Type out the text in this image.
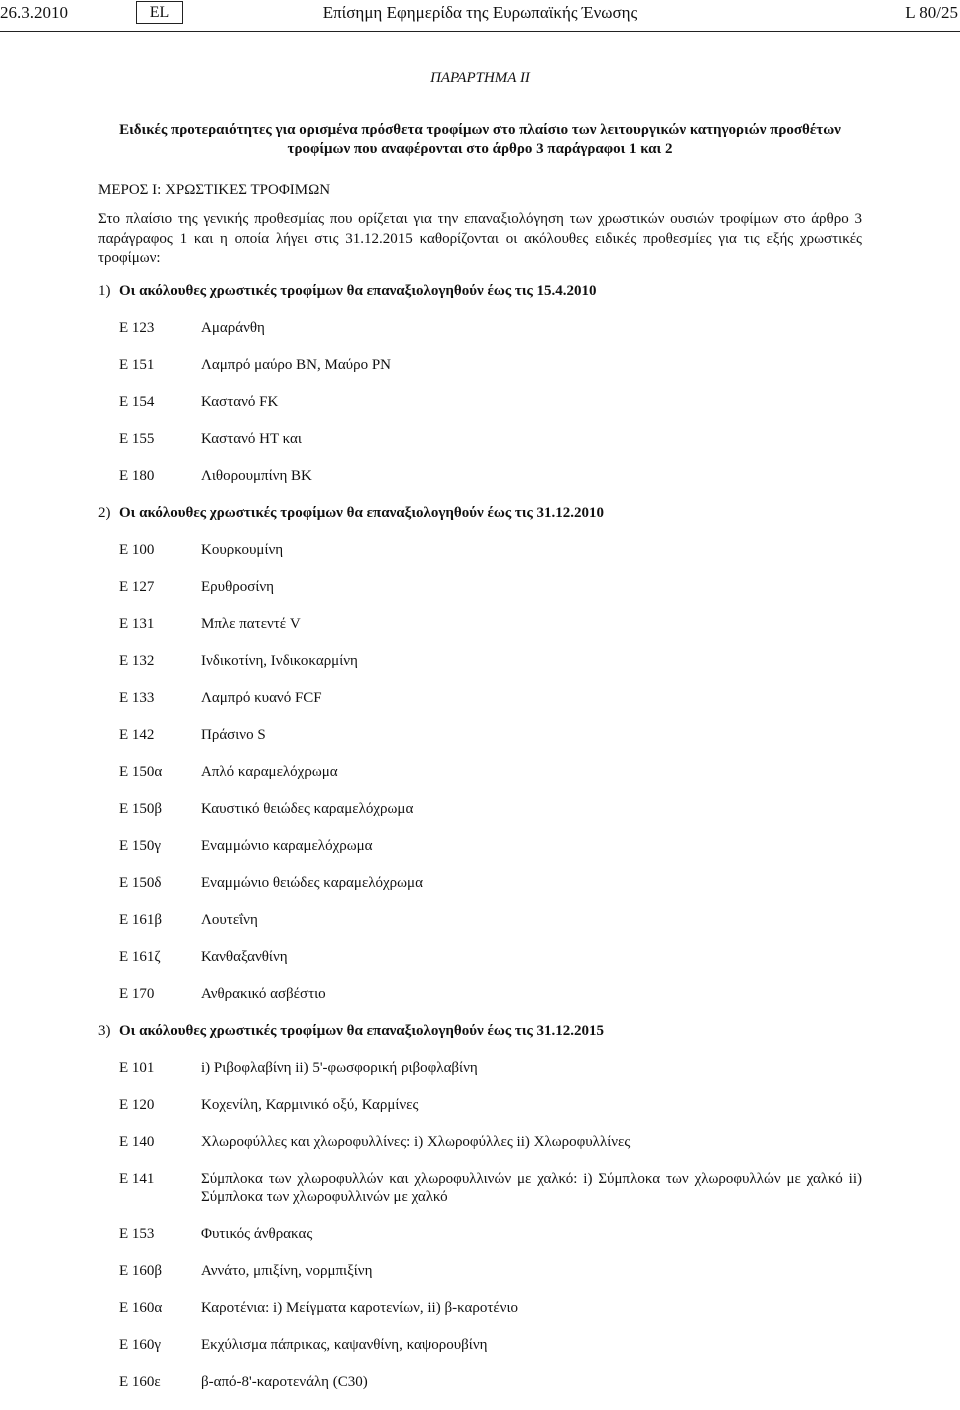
26.3.2010	Επίσημη Εφημερίδα της Ευρωπαϊκής Ένωσης
EL	L 80/25
ΠΑΡΑΡΤΗΜΑ II
Ειδικές προτεραιότητες για ορισμένα πρόσθετα τροφίμων στο πλαίσιο των λειτουργικών κατηγοριών προσθέτων τροφίμων που αναφέρονται στο άρθρο 3 παράγραφοι 1 και 2
ΜΕΡΟΣ I: ΧΡΩΣΤΙΚΕΣ ΤΡΟΦΙΜΩΝ
Στο πλαίσιο της γενικής προθεσμίας που ορίζεται για την επαναξιολόγηση των χρωστικών ουσιών τροφίμων στο άρθρο 3 παράγραφος 1 και η οποία λήγει στις 31.12.2015 καθορίζονται οι ακόλουθες ειδικές προθεσμίες για τις εξής χρωστικές τροφίμων:
1) Οι ακόλουθες χρωστικές τροφίμων θα επαναξιολογηθούν έως τις 15.4.2010
E 123	Αμαράνθη
E 151	Λαμπρό μαύρο BN, Μαύρο PN
E 154	Καστανό FK
E 155	Καστανό HT και
E 180	Λιθορουμπίνη BK
2) Οι ακόλουθες χρωστικές τροφίμων θα επαναξιολογηθούν έως τις 31.12.2010
E 100	Κουρκουμίνη
E 127	Ερυθροσίνη
E 131	Μπλε πατεντέ V
E 132	Ινδικοτίνη, Ινδικοκαρμίνη
E 133	Λαμπρό κυανό FCF
E 142	Πράσινο S
E 150α	Απλό καραμελόχρωμα
E 150β	Καυστικό θειώδες καραμελόχρωμα
E 150γ	Εναμμώνιο καραμελόχρωμα
E 150δ	Εναμμώνιο θειώδες καραμελόχρωμα
E 161β	Λουτεΐνη
E 161ζ	Κανθαξανθίνη
E 170	Ανθρακικό ασβέστιο
3) Οι ακόλουθες χρωστικές τροφίμων θα επαναξιολογηθούν έως τις 31.12.2015
E 101	i) Ριβοφλαβίνη ii) 5'-φωσφορική ριβοφλαβίνη
E 120	Κοχενίλη, Καρμινικό οξύ, Καρμίνες
E 140	Χλωροφύλλες και χλωροφυλλίνες: i) Χλωροφύλλες ii) Χλωροφυλλίνες
E 141	Σύμπλοκα των χλωροφυλλών και χλωροφυλλινών με χαλκό: i) Σύμπλοκα των χλωροφυλλών με χαλκό ii) Σύμπλοκα των χλωροφυλλινών με χαλκό
E 153	Φυτικός άνθρακας
E 160β	Αννάτο, μπιξίνη, νορμπιξίνη
E 160α	Καροτένια: i) Μείγματα καροτενίων, ii) β-καροτένιο
E 160γ	Εκχύλισμα πάπρικας, καψανθίνη, καψορουβίνη
E 160ε	β-από-8'-καροτενάλη (C30)
